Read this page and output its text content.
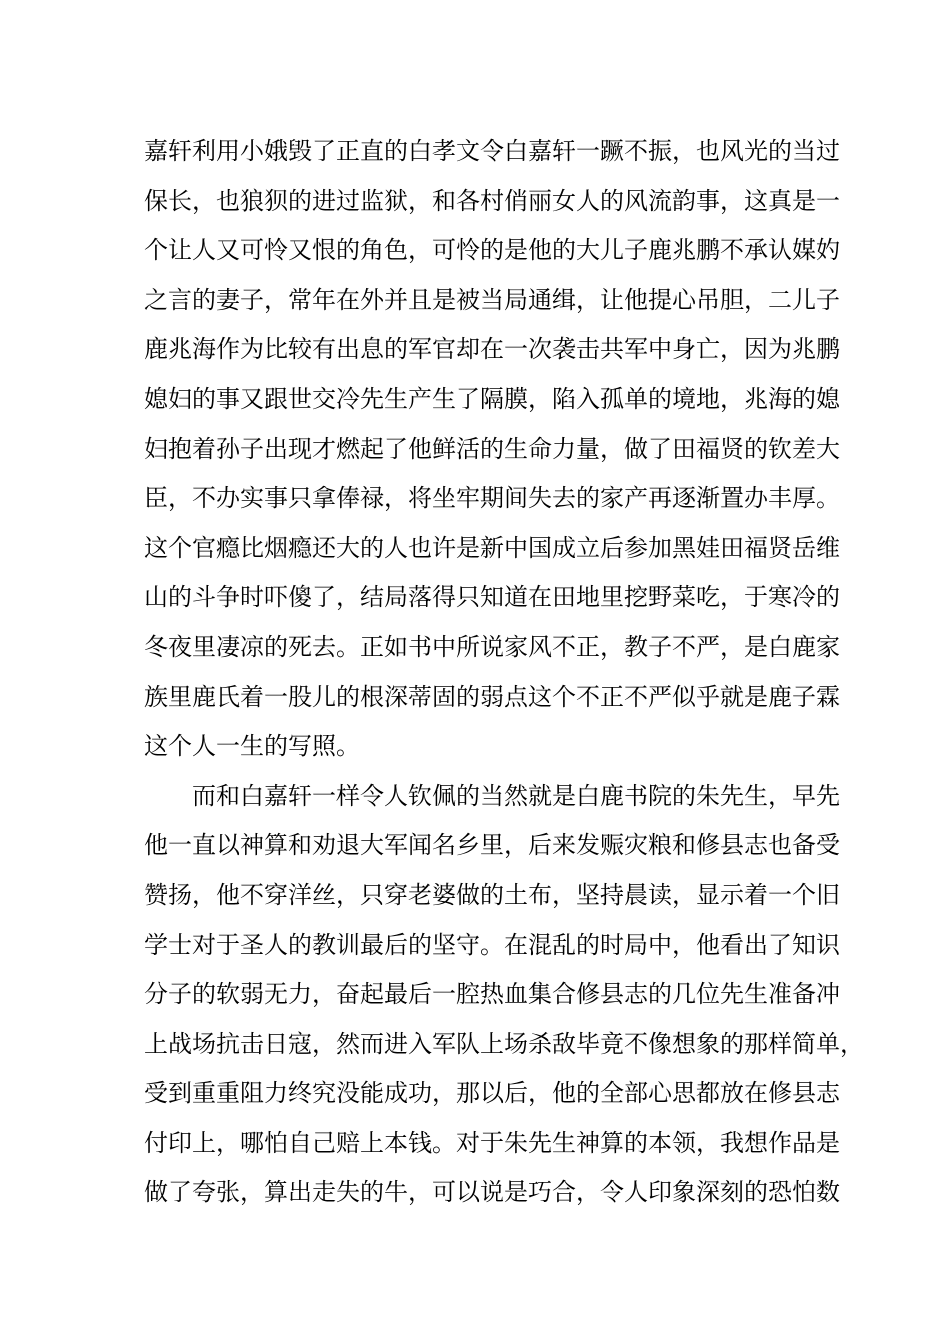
嘉轩利用小娥毁了正直的白孝文令白嘉轩一蹶不振，也风光的当过
保长，也狼狈的进过监狱，和各村俏丽女人的风流韵事，这真是一
个让人又可怜又恨的角色，可怜的是他的大儿子鹿兆鹏不承认媒妁
之言的妻子，常年在外并且是被当局通缉，让他提心吊胆，二儿子
鹿兆海作为比较有出息的军官却在一次袭击共军中身亡，因为兆鹏
媳妇的事又跟世交冷先生产生了隔膜，陷入孤单的境地，兆海的媳
妇抱着孙子出现才燃起了他鲜活的生命力量，做了田福贤的钦差大
臣，不办实事只拿俸禄，将坐牢期间失去的家产再逐渐置办丰厚。
这个官瘾比烟瘾还大的人也许是新中国成立后参加黑娃田福贤岳维
山的斗争时吓傻了，结局落得只知道在田地里挖野菜吃，于寒冷的
冬夜里凄凉的死去。正如书中所说家风不正，教子不严，是白鹿家
族里鹿氏着一股儿的根深蒂固的弱点这个不正不严似乎就是鹿子霖
这个人一生的写照。
　　而和白嘉轩一样令人钦佩的当然就是白鹿书院的朱先生，早先
他一直以神算和劝退大军闻名乡里，后来发赈灾粮和修县志也备受
赞扬，他不穿洋丝，只穿老婆做的土布，坚持晨读，显示着一个旧
学士对于圣人的教训最后的坚守。在混乱的时局中，他看出了知识
分子的软弱无力，奋起最后一腔热血集合修县志的几位先生准备冲
上战场抗击日寇，然而进入军队上场杀敌毕竟不像想象的那样简单，
受到重重阻力终究没能成功，那以后，他的全部心思都放在修县志
付印上，哪怕自己赔上本钱。对于朱先生神算的本领，我想作品是
做了夸张，算出走失的牛，可以说是巧合，令人印象深刻的恐怕数
